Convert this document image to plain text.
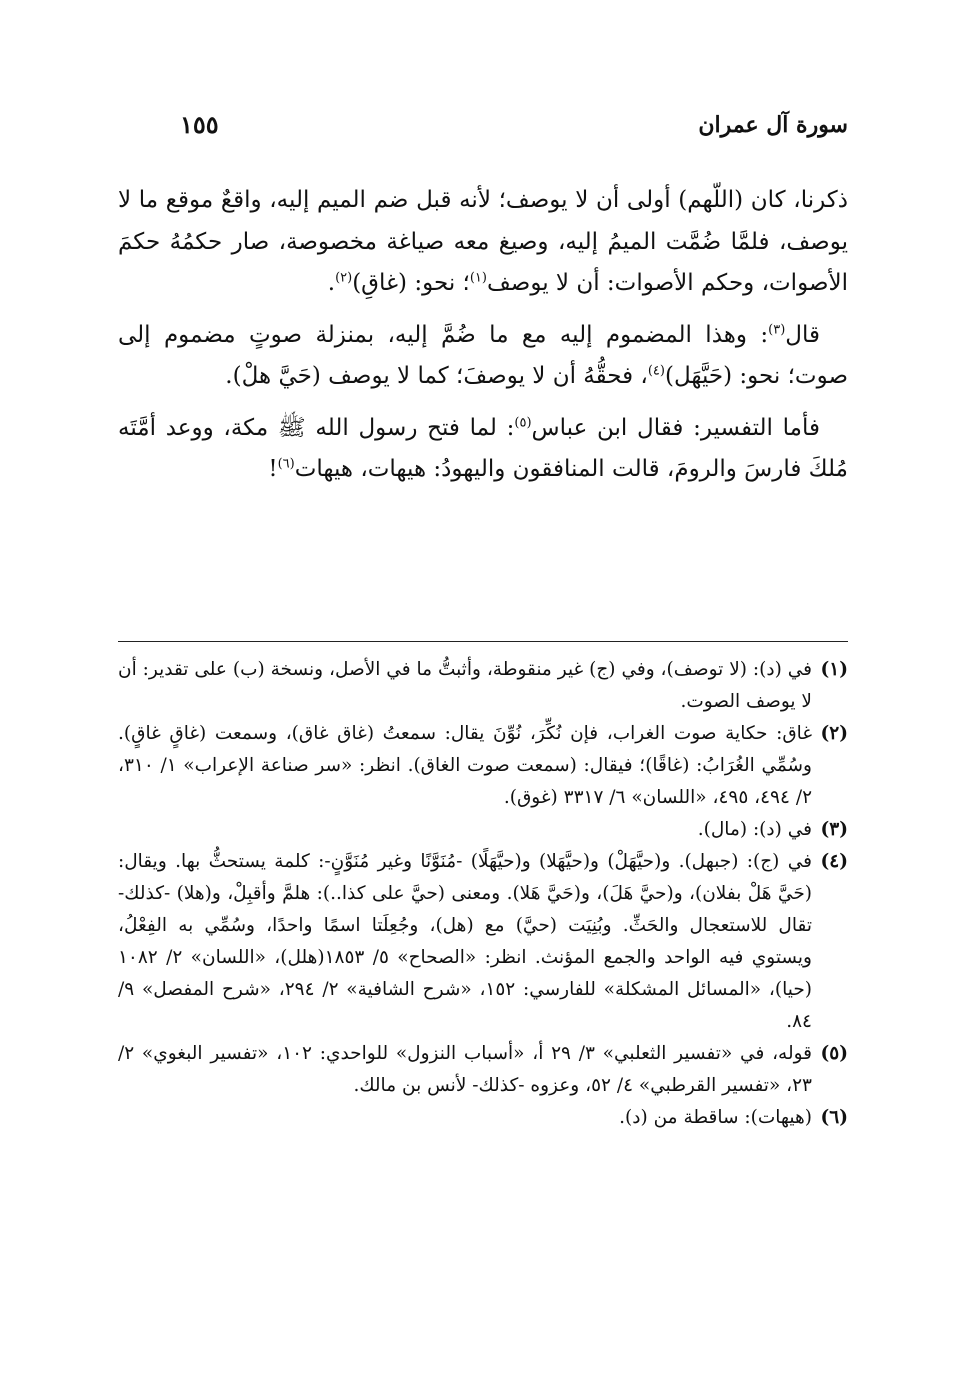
سورة آل عمران
١٥٥

ذكرنا، كان (اللّهم) أولى أن لا يوصف؛ لأنه قبل ضم الميم إليه، واقعٌ موقع ما لا يوصف، فلمَّا ضُمَّت الميمُ إليه، وصيغ معه صياغة مخصوصة، صار حكمُهُ حكمَ الأصوات، وحكم الأصوات: أن لا يوصف$^{(١)}$؛ نحو: (غاقِ)$^{(٢)}$.

قال$^{(٣)}$: وهذا المضموم إليه مع ما ضُمَّ إليه، بمنزلة صوتٍ مضموم إلى صوت؛ نحو: (حَيَّهَل)$^{(٤)}$، فحقُّهُ أن لا يوصفَ؛ كما لا يوصف (حَيَّ هلْ).

فأما التفسير: فقال ابن عباس$^{(٥)}$: لما فتح رسول الله ﷺ مكة، ووعد أمَّتَه مُلكَ فارسَ والرومَ، قالت المنافقون واليهودُ: هيهات، هيهات$^{(٦)}$!

(١)
في (د): (لا توصف)، وفي (ج) غير منقوطة، وأثبتُّ ما في الأصل، ونسخة (ب) على تقدير: أن لا يوصف الصوت.
(٢)
غاق: حكاية صوت الغراب، فإن نُكِّرَ، نُوِّنَ يقال: سمعتُ (غاق غاق)، وسمعت (غاقٍ غاقٍ). وسُمِّي الغُرَابُ: (غاقًا)؛ فيقال: (سمعت صوت الغاق). انظر: «سر صناعة الإعراب» ١/ ٣١٠، ٢/ ٤٩٤، ٤٩٥، «اللسان» ٦/ ٣٣١٧ (غوق).
(٣)
في (د): (مال).
(٤)
في (ج): (جبهل). و(حيَّهَلْ) و(حيَّهَلا) و(حيَّهَلًا) -مُنَوَّنًا وغير مُنَوَّنٍ-: كلمة يستحثُّ بها. ويقال: (حَيَّ هَلْ بفلان)، و(حيَّ هَلَ)، و(حَيَّ هَلا). ومعنى (حيَّ على كذا..): هلمَّ وأقبِلْ، و(هلا) -كذلك- تقال للاستعجال والحَثِّ. وبُنِيَت (حيَّ) مع (هل)، وجُعِلَتا اسمًا واحدًا، وسُمِّي به الفِعْلُ، ويستوي فيه الواحد والجمع المؤنث. انظر: «الصحاح» ٥/ ١٨٥٣(هلل)، «اللسان» ٢/ ١٠٨٢ (حيا)، «المسائل المشكلة» للفارسي: ١٥٢، «شرح الشافية» ٢/ ٢٩٤، «شرح المفصل» ٩/ ٨٤.
(٥)
قوله، في «تفسير الثعلبي» ٣/ ٢٩ أ، «أسباب النزول» للواحدي: ١٠٢، «تفسير البغوي» ٢/ ٢٣، «تفسير القرطبي» ٤/ ٥٢، وعزوه -كذلك- لأنس بن مالك.
(٦)
(هيهات): ساقطة من (د).
